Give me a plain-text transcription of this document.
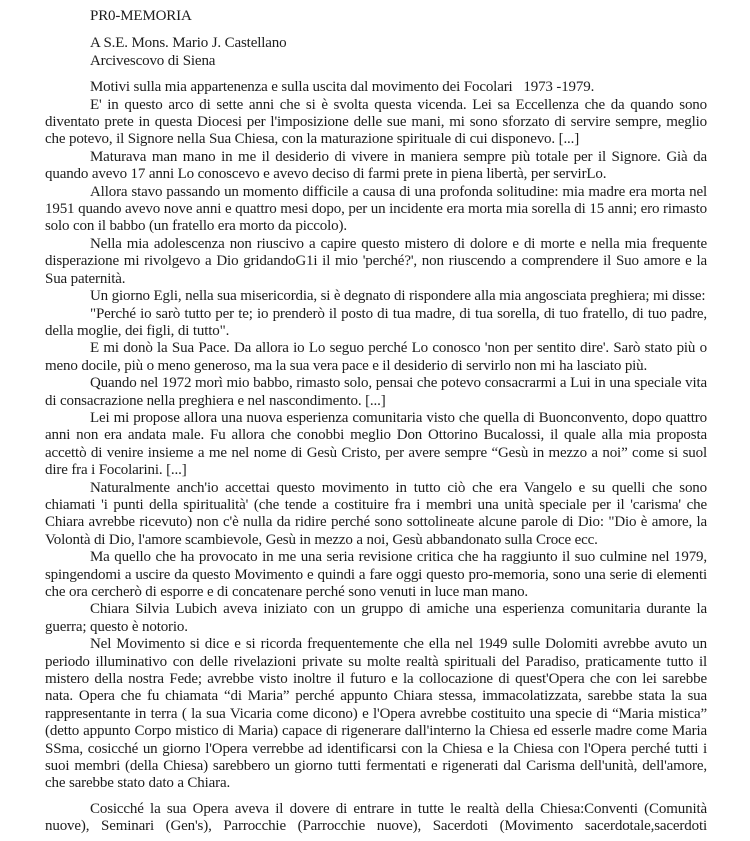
PR0-MEMORIA

A S.E. Mons. Mario J. Castellano

Arcivescovo di Siena

Motivi sulla mia appartenenza e sulla uscita dal movimento dei Focolari   1973 -1979.

E' in questo arco di sette anni che si è svolta questa vicenda. Lei sa Eccellenza che da quando sono diventato prete in questa Diocesi per l'imposizione delle sue mani, mi sono sforzato di servire sempre, meglio che potevo, il Signore nella Sua Chiesa, con la maturazione spirituale di cui disponevo. [...]

Maturava man mano in me il desiderio di vivere in maniera sempre più totale per il Signore. Già da quando avevo 17 anni Lo conoscevo e avevo deciso di farmi prete in piena libertà, per servirLo.

Allora stavo passando un momento difficile a causa di una profonda solitudine: mia madre era morta nel 1951 quando avevo nove anni e quattro mesi dopo, per un incidente era morta mia sorella di 15 anni; ero rimasto solo con il babbo (un fratello era morto da piccolo).

Nella mia adolescenza non riuscivo a capire questo mistero di dolore e di morte e nella mia frequente disperazione mi rivolgevo a Dio gridandoG1i il mio 'perché?', non riuscendo a comprendere il Suo amore e la Sua paternità.

Un giorno Egli, nella sua misericordia, si è degnato di rispondere alla mia angosciata preghiera; mi disse:

"Perché io sarò tutto per te; io prenderò il posto di tua madre, di tua sorella, di tuo fratello, di tuo padre, della moglie, dei figli, di tutto".

E mi donò la Sua Pace. Da allora io Lo seguo perché Lo conosco 'non per sentito dire'. Sarò stato più o meno docile, più o meno generoso, ma la sua vera pace e il desiderio di servirlo non mi ha lasciato più.

Quando nel 1972 morì mio babbo, rimasto solo, pensai che potevo consacrarmi a Lui in una speciale vita di consacrazione nella preghiera e nel nascondimento. [...]

Lei mi propose allora una nuova esperienza comunitaria visto che quella di Buonconvento, dopo quattro anni non era andata male. Fu allora che conobbi meglio Don Ottorino Bucalossi, il quale alla mia proposta accettò di venire insieme a me nel nome di Gesù Cristo, per avere sempre “Gesù in mezzo a noi” come si suol dire fra i Focolarini. [...]

Naturalmente anch'io accettai questo movimento in tutto ciò che era Vangelo e su quelli che sono chiamati 'i punti della spiritualità' (che tende a costituire fra i membri una unità speciale per il 'carisma' che Chiara avrebbe ricevuto) non c'è nulla da ridire perché sono sottolineate alcune parole di Dio: "Dio è amore, la Volontà di Dio, l'amore scambievole, Gesù in mezzo a noi, Gesù abbandonato sulla Croce ecc.

Ma quello che ha provocato in me una seria revisione critica che ha raggiunto il suo culmine nel 1979, spingendomi a uscire da questo Movimento e quindi a fare oggi questo pro-memoria, sono una serie di elementi che ora cercherò di esporre e di concatenare perché sono venuti in luce man mano.

Chiara Silvia Lubich aveva iniziato con un gruppo di amiche una esperienza comunitaria durante la guerra; questo è notorio.

Nel Movimento si dice e si ricorda frequentemente che ella nel 1949 sulle Dolomiti avrebbe avuto un periodo illuminativo con delle rivelazioni private su molte realtà spirituali del Paradiso, praticamente tutto il mistero della nostra Fede; avrebbe visto inoltre il futuro e la collocazione di quest'Opera che con lei sarebbe nata. Opera che fu chiamata “di Maria” perché appunto Chiara stessa, immacolatizzata, sarebbe stata la sua rappresentante in terra ( la sua Vicaria come dicono) e l'Opera avrebbe costituito una specie di “Maria mistica” (detto appunto Corpo mistico di Maria) capace di rigenerare dall'interno la Chiesa ed esserle madre come Maria SSma, cosicché un giorno l'Opera verrebbe ad identificarsi con la Chiesa e la Chiesa con l'Opera perché tutti i suoi membri (della Chiesa) sarebbero un giorno tutti fermentati e rigenerati dal Carisma dell'unità, dell'amore, che sarebbe stato dato a Chiara.

Cosicché la sua Opera aveva il dovere di entrare in tutte le realtà della Chiesa:Conventi (Comunità nuove), Seminari (Gen's), Parrocchie (Parrocchie nuove), Sacerdoti (Movimento sacerdotale,sacerdoti
